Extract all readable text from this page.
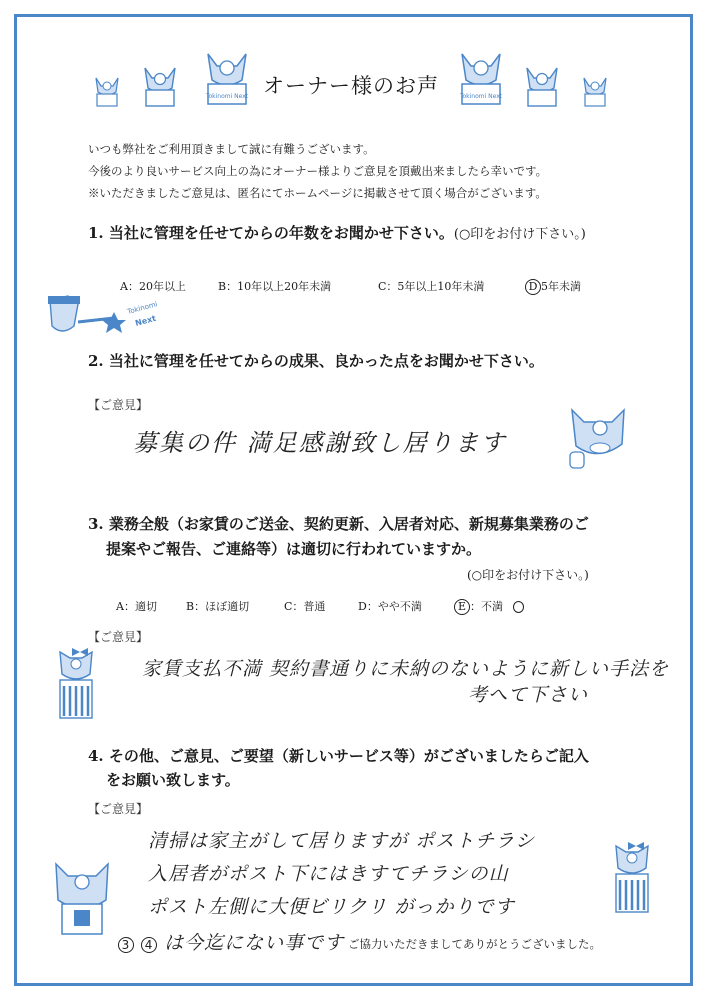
Tokinomi Next	Tokinomi Next
オーナー様のお声
いつも弊社をご利用頂きまして誠に有難うございます。
今後のより良いサービス向上の為にオーナー様よりご意見を頂戴出来ましたら幸いです。
※いただきましたご意見は、匿名にてホームページに掲載させて頂く場合がございます。
1. 当社に管理を任せてからの年数をお聞かせ下さい。(○印をお付け下さい。)
A：20年以上	B：10年以上20年未満	C：5年以上10年未満	D 5年未満
Tokinomi
Next
2. 当社に管理を任せてからの成果、良かった点をお聞かせ下さい。
【ご意見】
募集の件 満足感謝致し居ります
3. 業務全般（お家賃のご送金、契約更新、入居者対応、新規募集業務のご
提案やご報告、ご連絡等）は適切に行われていますか。
(○印をお付け下さい。)
A：適切	B：ほぼ適切	C：普通	D：やや不満	E ：不満
【ご意見】
家賃支払不満 契約書通りに未納のないように新しい手法を
考へて下さい
4. その他、ご意見、ご要望（新しいサービス等）がございましたらご記入
をお願い致します。
【ご意見】
清掃は家主がして居りますが ポストチラシ
入居者がポスト下にはきすてチラシの山
ポスト左側に大便ビリクリ がっかりです
3 4 は今迄にない事です ご協力いただきましてありがとうございました。
